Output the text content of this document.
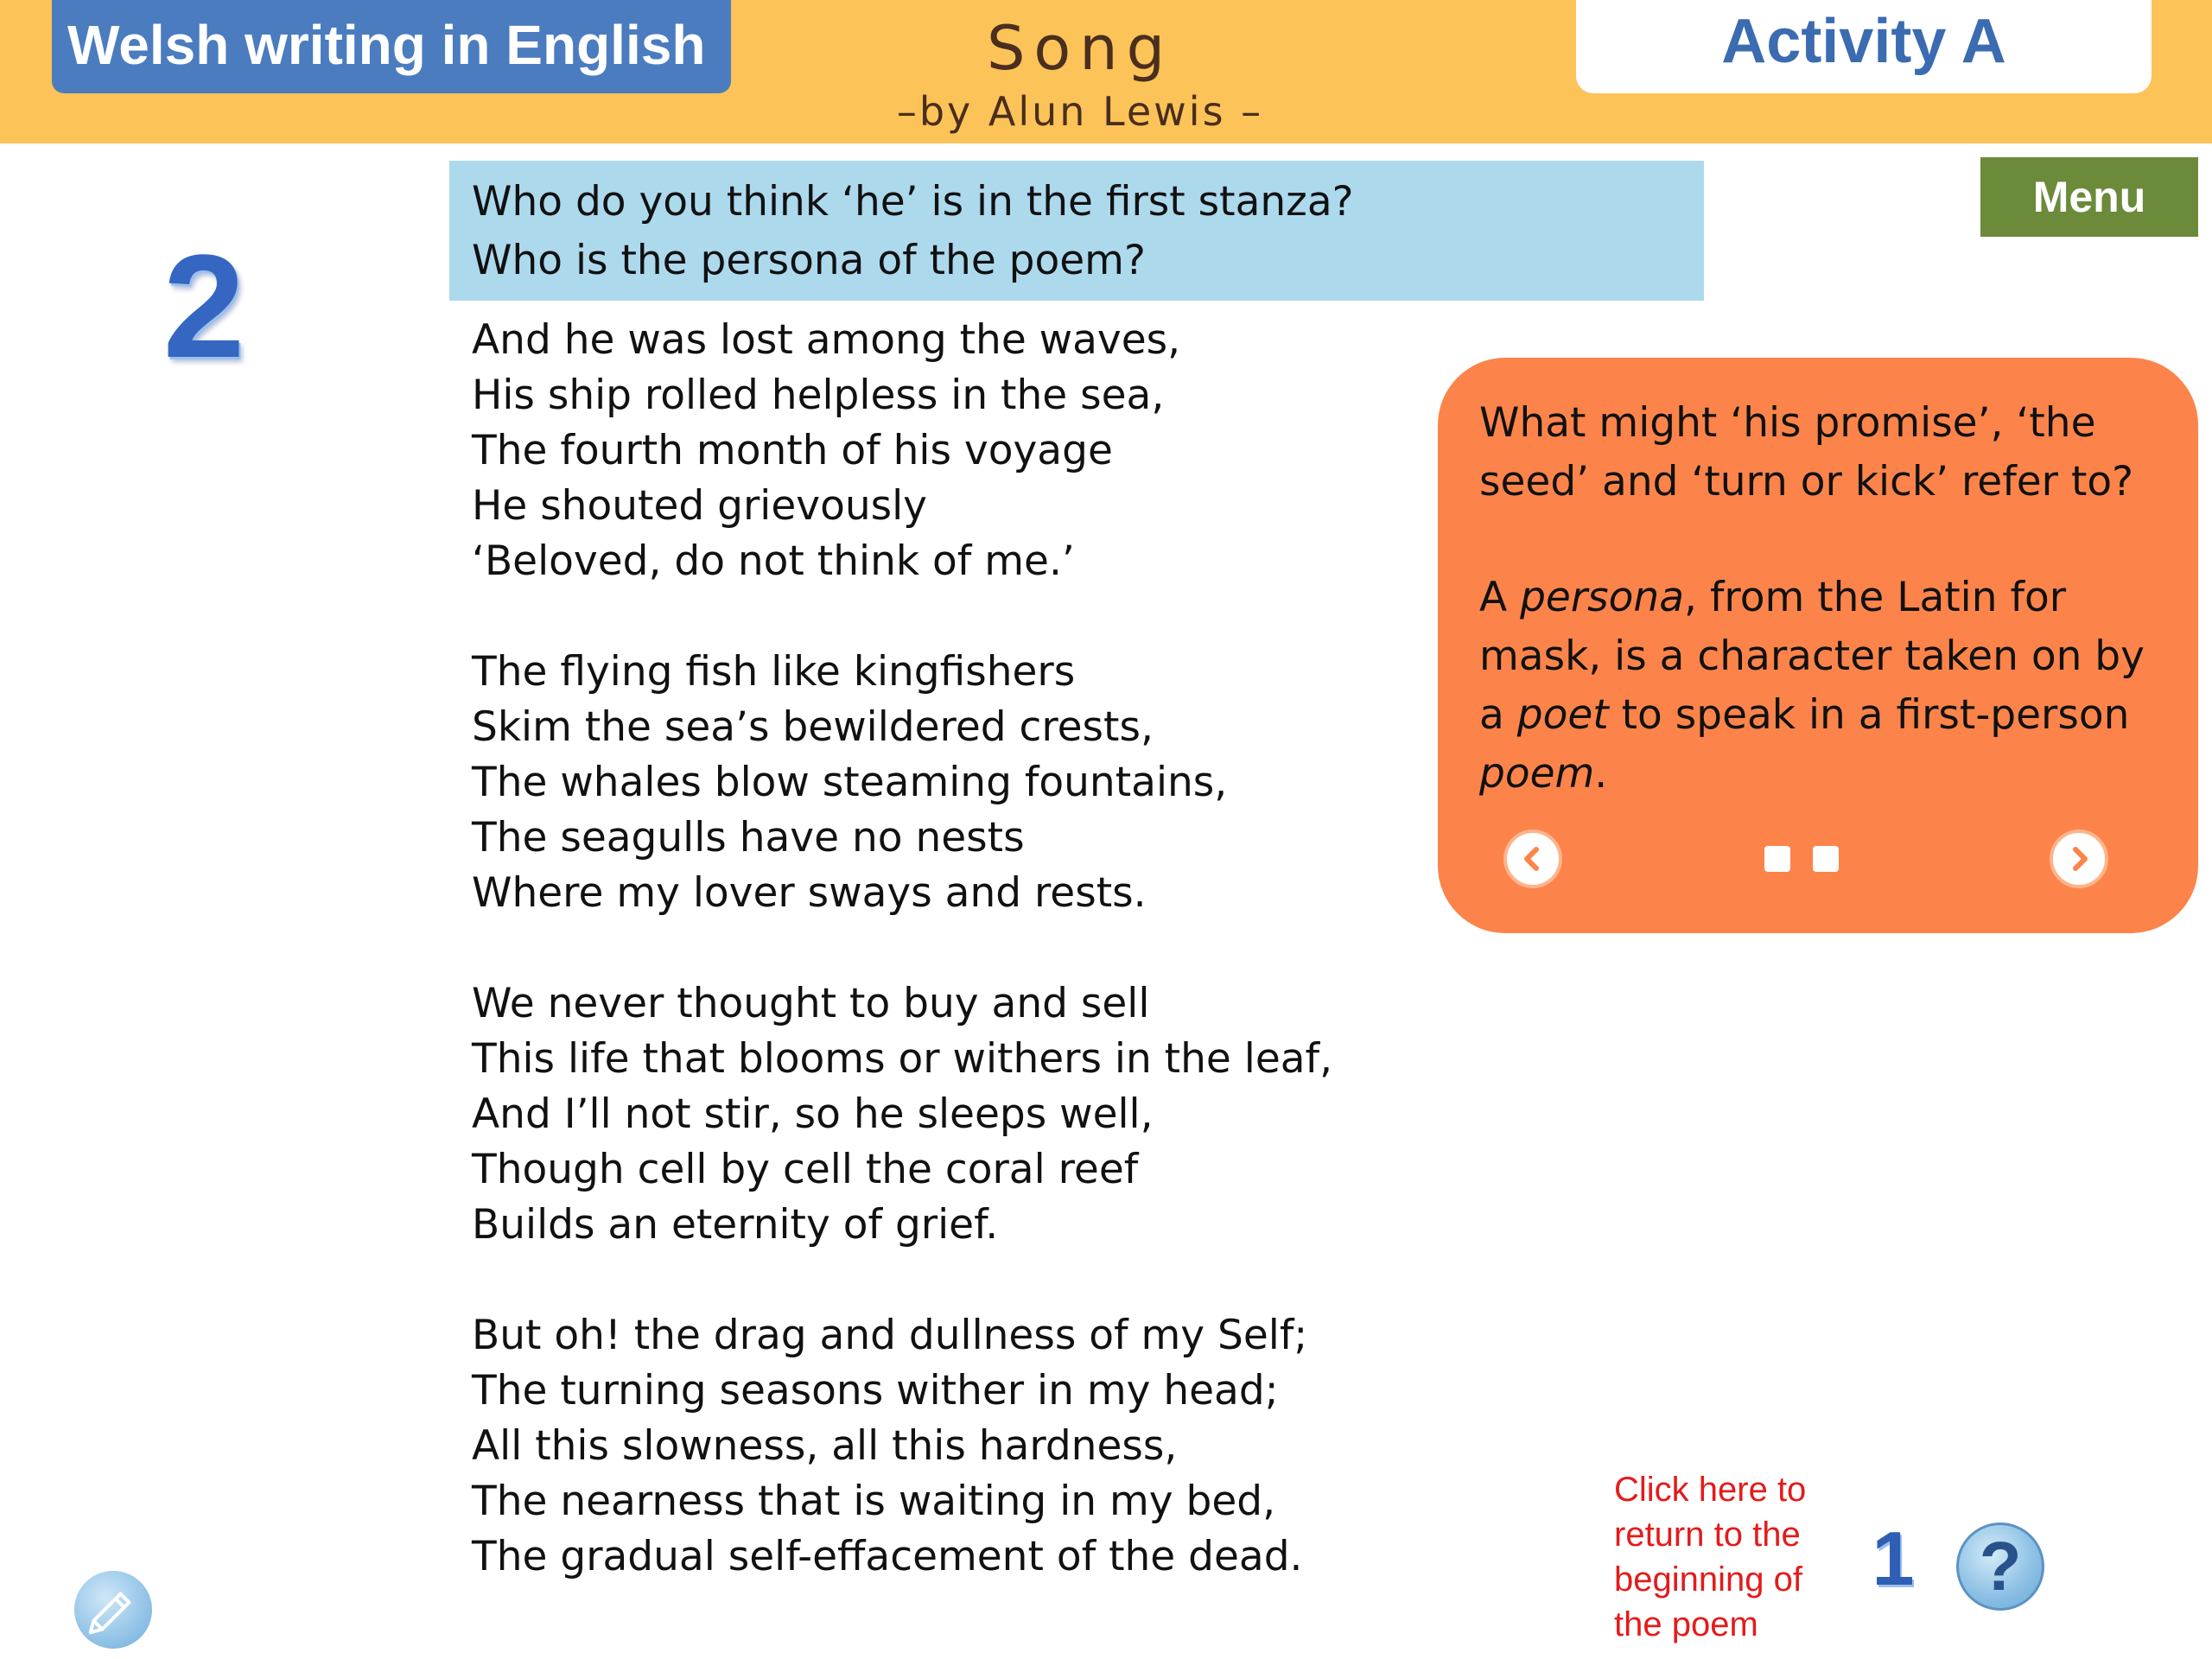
Welsh writing in English	Song
–by Alun Lewis –
Activity A
Menu
2
Who do you think ‘he’ is in the first stanza?
Who is the persona of the poem?
And he was lost among the waves,
His ship rolled helpless in the sea,
The fourth month of his voyage
He shouted grievously
‘Beloved, do not think of me.’
The flying fish like kingfishers
Skim the sea’s bewildered crests,
The whales blow steaming fountains,
The seagulls have no nests
Where my lover sways and rests.
We never thought to buy and sell
This life that blooms or withers in the leaf,
And I’ll not stir, so he sleeps well,
Though cell by cell the coral reef
Builds an eternity of grief.
But oh! the drag and dullness of my Self;
The turning seasons wither in my head;
All this slowness, all this hardness,
The nearness that is waiting in my bed,
The gradual self-effacement of the dead.
What might ‘his promise’, ‘the seed’ and ‘turn or kick’ refer to?
A persona, from the Latin for mask, is a character taken on by a poet to speak in a first-person poem.
Click here to return to the beginning of the poem
1 ?
